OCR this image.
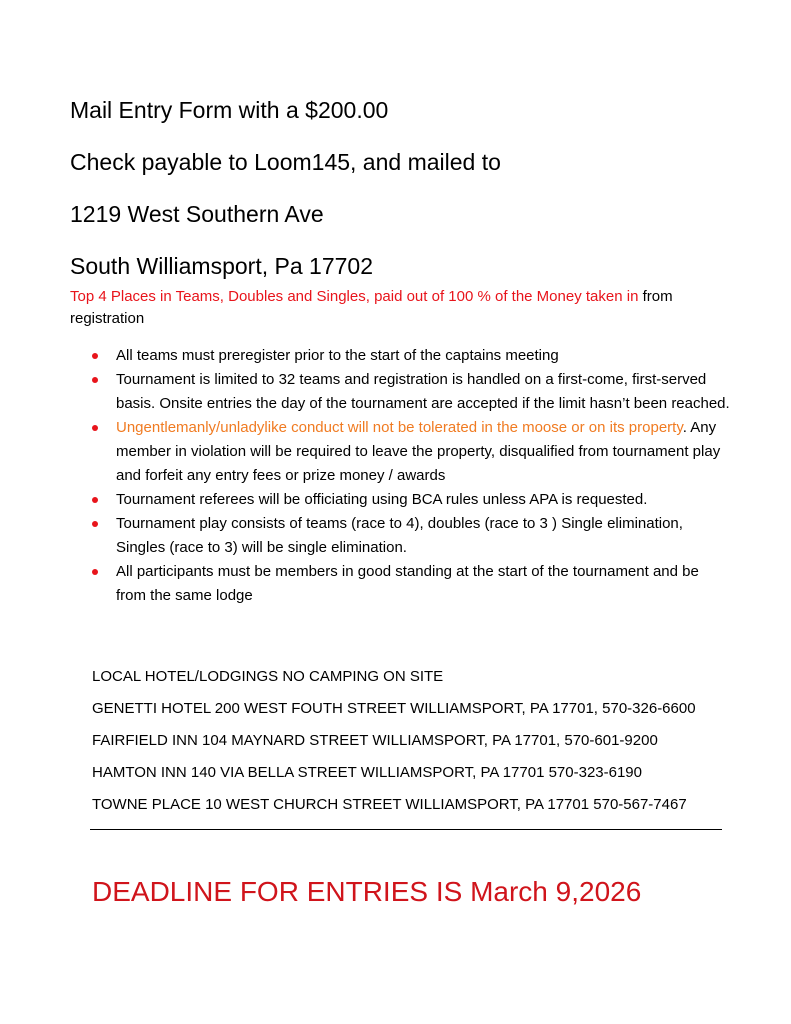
Mail Entry Form with a $200.00

Check payable to Loom145, and mailed to

1219 West Southern Ave

South Williamsport, Pa 17702

Top 4 Places in Teams, Doubles and Singles, paid out of 100 % of the Money taken in from registration
All teams must preregister prior to the start of the captains meeting
Tournament is limited to 32 teams and registration is handled on a first-come, first-served basis. Onsite entries the day of the tournament are accepted if the limit hasn’t been reached.
Ungentlemanly/unladylike conduct will not be tolerated in the moose or on its property. Any member in violation will be required to leave the property, disqualified from tournament play and forfeit any entry fees or prize money / awards
Tournament referees will be officiating using BCA rules unless APA is requested.
Tournament play consists of teams (race to 4), doubles (race to 3 ) Single elimination, Singles (race to 3) will be single elimination.
All participants must be members in good standing at the start of the tournament and be from the same lodge

LOCAL HOTEL/LODGINGS NO CAMPING ON SITE

GENETTI HOTEL 200 WEST FOUTH STREET WILLIAMSPORT, PA 17701, 570-326-6600

FAIRFIELD INN 104 MAYNARD STREET WILLIAMSPORT, PA 17701, 570-601-9200

HAMTON INN 140 VIA BELLA STREET WILLIAMSPORT, PA 17701 570-323-6190

TOWNE PLACE 10 WEST CHURCH STREET WILLIAMSPORT, PA 17701 570-567-7467

DEADLINE FOR ENTRIES IS March 9,2026
